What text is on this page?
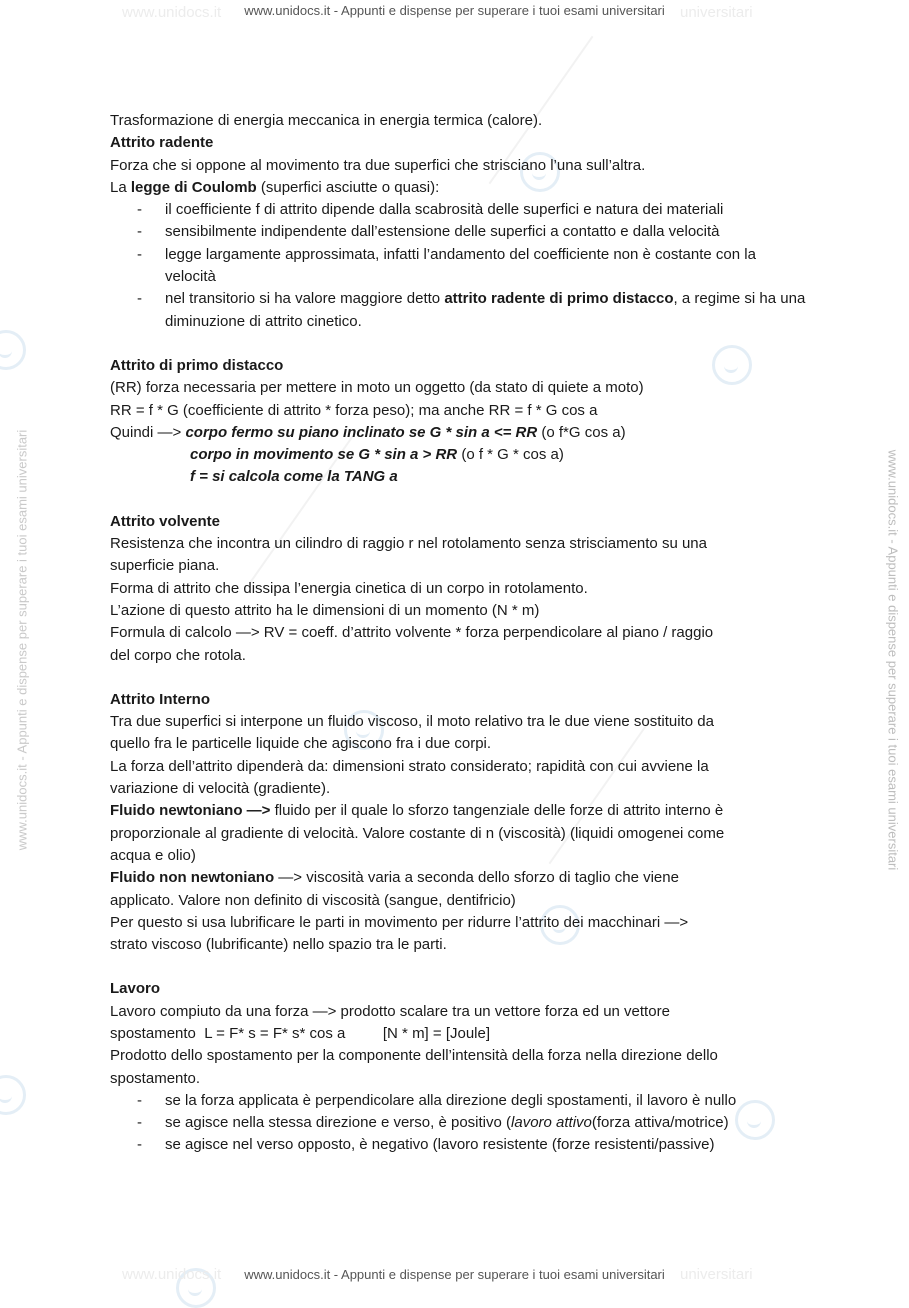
www.unidocs.it	universitari
www.unidocs.it	universitari
www.unidocs.it - Appunti e dispense per superare i tuoi esami universitari
www.unidocs.it - Appunti e dispense per superare i tuoi esami universitari
www.unidocs.it - Appunti e dispense per superare i tuoi esami universitari	www.unidocs.it - Appunti e dispense per superare i tuoi esami universitari
Trasformazione di energia meccanica in energia termica (calore).
Attrito radente
Forza che si oppone al movimento tra due superfici che strisciano l’una sull’altra.
La legge di Coulomb (superfici asciutte o quasi):
- il coefficiente f di attrito dipende dalla scabrosità delle superfici e natura dei materiali
- sensibilmente indipendente dall’estensione delle superfici a contatto e dalla velocità
- legge largamente approssimata, infatti l’andamento del coefficiente non è costante con la velocità
- nel transitorio si ha valore maggiore detto attrito radente di primo distacco, a regime si ha una diminuzione di attrito cinetico.
Attrito di primo distacco
(RR) forza necessaria per mettere in moto un oggetto (da stato di quiete a moto)
RR = f * G (coefficiente di attrito * forza peso); ma anche RR = f * G cos a
Quindi —> corpo fermo su piano inclinato se G * sin a <= RR (o f*G cos a)
corpo in movimento se G * sin a > RR (o f * G * cos a)
f = si calcola come la TANG a
Attrito volvente
Resistenza che incontra un cilindro di raggio r nel rotolamento senza strisciamento su una
superficie piana.
Forma di attrito che dissipa l’energia cinetica di un corpo in rotolamento.
L’azione di questo attrito ha le dimensioni di un momento (N * m)
Formula di calcolo —> RV = coeff. d’attrito volvente * forza perpendicolare al piano / raggio
del corpo che rotola.
Attrito Interno
Tra due superfici si interpone un fluido viscoso, il moto relativo tra le due viene sostituito da
quello fra le particelle liquide che agiscono fra i due corpi.
La forza dell’attrito dipenderà da: dimensioni strato considerato; rapidità con cui avviene la
variazione di velocità (gradiente).
Fluido newtoniano —> fluido per il quale lo sforzo tangenziale delle forze di attrito interno è
proporzionale al gradiente di velocità. Valore costante di n (viscosità) (liquidi omogenei come
acqua e olio)
Fluido non newtoniano —> viscosità varia a seconda dello sforzo di taglio che viene
applicato. Valore non definito di viscosità (sangue, dentifricio)
Per questo si usa lubrificare le parti in movimento per ridurre l’attrito dei macchinari —>
strato viscoso (lubrificante) nello spazio tra le parti.
Lavoro
Lavoro compiuto da una forza —> prodotto scalare tra un vettore forza ed un vettore
spostamento  L = F* s = F* s* cos a         [N * m] = [Joule]
Prodotto dello spostamento per la componente dell’intensità della forza nella direzione dello
spostamento.
- se la forza applicata è perpendicolare alla direzione degli spostamenti, il lavoro è nullo
- se agisce nella stessa direzione e verso, è positivo (lavoro attivo(forza attiva/motrice)
- se agisce nel verso opposto, è negativo (lavoro resistente (forze resistenti/passive)
